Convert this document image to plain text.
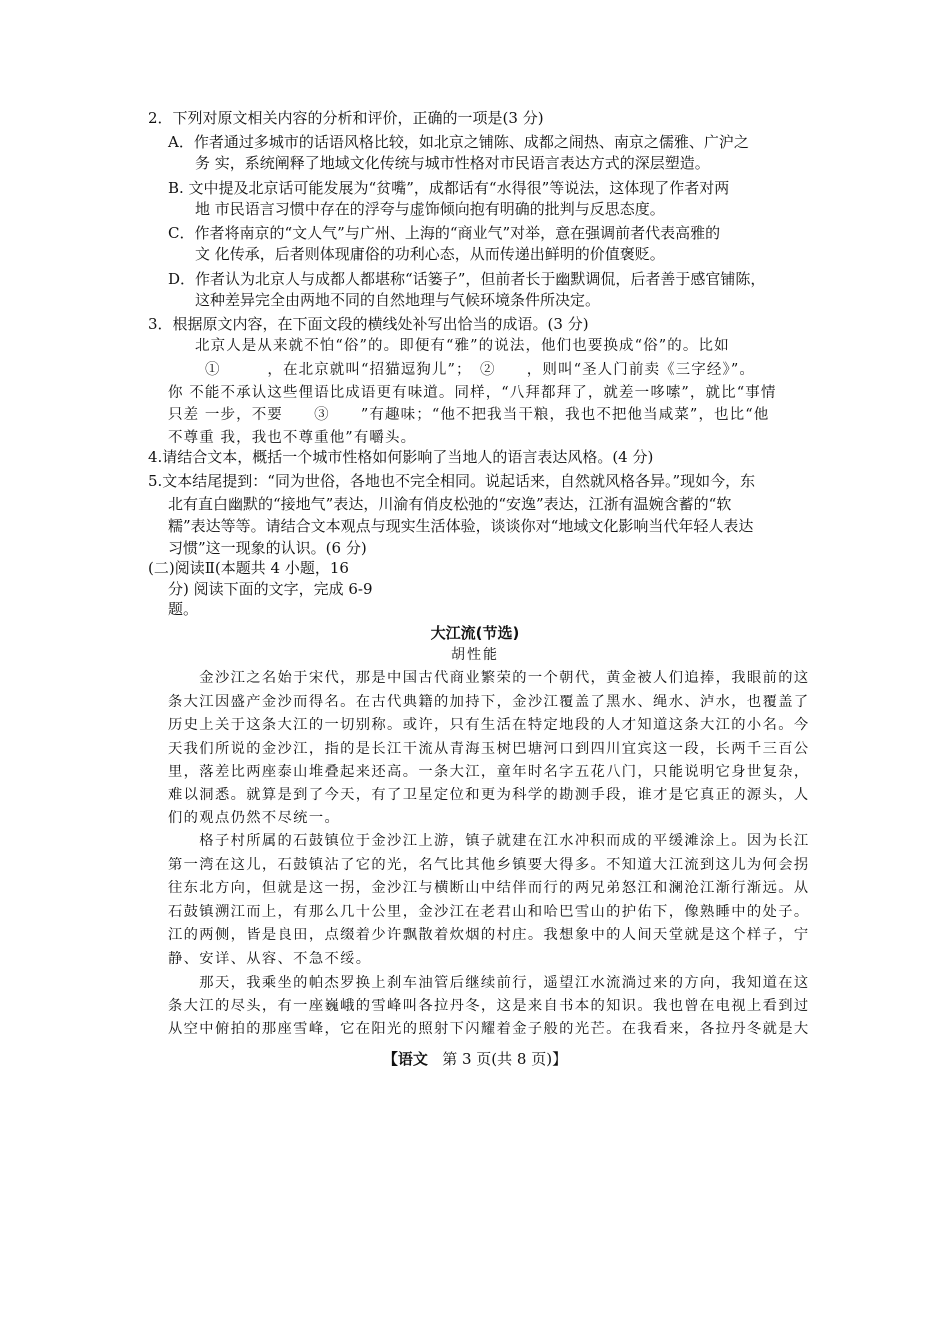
2．下列对原文相关内容的分析和评价，正确的一项是(3 分)
A．作者通过多城市的话语风格比较，如北京之铺陈、成都之闹热、南京之儒雅、广沪之
务 实，系统阐释了地域文化传统与城市性格对市民语言表达方式的深层塑造。
B. 文中提及北京话可能发展为“贫嘴”，成都话有“水得很”等说法，这体现了作者对两
地 市民语言习惯中存在的浮夸与虚饰倾向抱有明确的批判与反思态度。
C．作者将南京的“文人气”与广州、上海的“商业气”对举，意在强调前者代表高雅的
文 化传承，后者则体现庸俗的功利心态，从而传递出鲜明的价值褒贬。
D．作者认为北京人与成都人都堪称“话篓子”，但前者长于幽默调侃，后者善于感官铺陈，
这种差异完全由两地不同的自然地理与气候环境条件所决定。
3．根据原文内容，在下面文段的横线处补写出恰当的成语。(3 分)
北京人是从来就不怕“俗”的。即便有“雅”的说法，他们也要换成“俗”的。比如
①　　　，在北京就叫“招猫逗狗儿”；　②　　，则叫“圣人门前卖《三字经》”。
你 不能不承认这些俚语比成语更有味道。同样，“八拜都拜了，就差一哆嗦”，就比“事情
只差 一步，不要　　③　　”有趣味；“他不把我当干粮，我也不把他当咸菜”，也比“他
不尊重 我，我也不尊重他”有嚼头。
4.请结合文本，概括一个城市性格如何影响了当地人的语言表达风格。(4 分)
5.文本结尾提到：“同为世俗，各地也不完全相同。说起话来，自然就风格各异。”现如今，东
北有直白幽默的“接地气”表达，川渝有俏皮松弛的“安逸”表达，江浙有温婉含蓄的“软
糯”表达等等。请结合文本观点与现实生活体验，谈谈你对“地域文化影响当代年轻人表达
习惯”这一现象的认识。(6 分)
(二)阅读Ⅱ(本题共 4 小题，16
分) 阅读下面的文字，完成 6-9
题。
大江流(节选)
胡性能
　　金沙江之名始于宋代，那是中国古代商业繁荣的一个朝代，黄金被人们追捧，我眼前的这
条大江因盛产金沙而得名。在古代典籍的加持下，金沙江覆盖了黑水、绳水、泸水，也覆盖了
历史上关于这条大江的一切别称。或许，只有生活在特定地段的人才知道这条大江的小名。今
天我们所说的金沙江，指的是长江干流从青海玉树巴塘河口到四川宜宾这一段，长两千三百公
里，落差比两座泰山堆叠起来还高。一条大江，童年时名字五花八门，只能说明它身世复杂，
难以洞悉。就算是到了今天，有了卫星定位和更为科学的勘测手段，谁才是它真正的源头，人
们的观点仍然不尽统一。
　　格子村所属的石鼓镇位于金沙江上游，镇子就建在江水冲积而成的平缓滩涂上。因为长江
第一湾在这儿，石鼓镇沾了它的光，名气比其他乡镇要大得多。不知道大江流到这儿为何会拐
往东北方向，但就是这一拐，金沙江与横断山中结伴而行的两兄弟怒江和澜沧江渐行渐远。从
石鼓镇溯江而上，有那么几十公里，金沙江在老君山和哈巴雪山的护佑下，像熟睡中的处子。
江的两侧，皆是良田，点缀着少许飘散着炊烟的村庄。我想象中的人间天堂就是这个样子，宁
静、安详、从容、不急不绥。
　　那天，我乘坐的帕杰罗换上刹车油管后继续前行，遥望江水流淌过来的方向，我知道在这
条大江的尽头，有一座巍峨的雪峰叫各拉丹冬，这是来自书本的知识。我也曾在电视上看到过
从空中俯拍的那座雪峰，它在阳光的照射下闪耀着金子般的光芒。在我看来，各拉丹冬就是大
【语文 第 3 页(共 8 页)】
